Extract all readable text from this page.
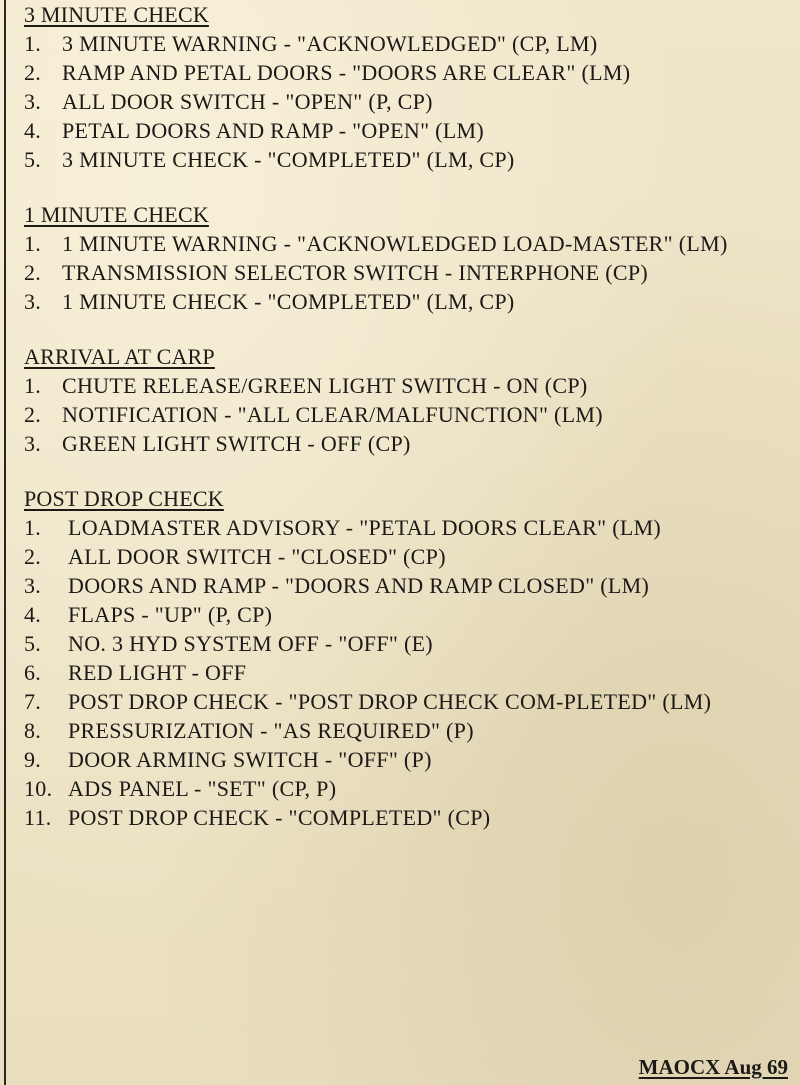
3 MINUTE CHECK
1. 3 MINUTE WARNING - "ACKNOWLEDGED" (CP, LM)
2. RAMP AND PETAL DOORS - "DOORS ARE CLEAR" (LM)
3. ALL DOOR SWITCH - "OPEN" (P, CP)
4. PETAL DOORS AND RAMP - "OPEN" (LM)
5. 3 MINUTE CHECK - "COMPLETED" (LM, CP)
1 MINUTE CHECK
1. 1 MINUTE WARNING - "ACKNOWLEDGED LOAD-MASTER" (LM)
2. TRANSMISSION SELECTOR SWITCH - INTERPHONE (CP)
3. 1 MINUTE CHECK - "COMPLETED" (LM, CP)
ARRIVAL AT CARP
1. CHUTE RELEASE/GREEN LIGHT SWITCH - ON (CP)
2. NOTIFICATION - "ALL CLEAR/MALFUNCTION" (LM)
3. GREEN LIGHT SWITCH - OFF (CP)
POST DROP CHECK
1.	LOADMASTER ADVISORY - "PETAL DOORS CLEAR" (LM)
2.	ALL DOOR SWITCH - "CLOSED" (CP)
3.	DOORS AND RAMP - "DOORS AND RAMP CLOSED" (LM)
4.	FLAPS - "UP" (P, CP)
5.	NO. 3 HYD SYSTEM OFF - "OFF" (E)
6.	RED LIGHT - OFF
7.	POST DROP CHECK - "POST DROP CHECK COM-PLETED" (LM)
8.	PRESSURIZATION - "AS REQUIRED" (P)
9.	DOOR ARMING SWITCH - "OFF" (P)
10. ADS PANEL - "SET" (CP, P)
11. POST DROP CHECK - "COMPLETED" (CP)
MAOCX Aug 69
